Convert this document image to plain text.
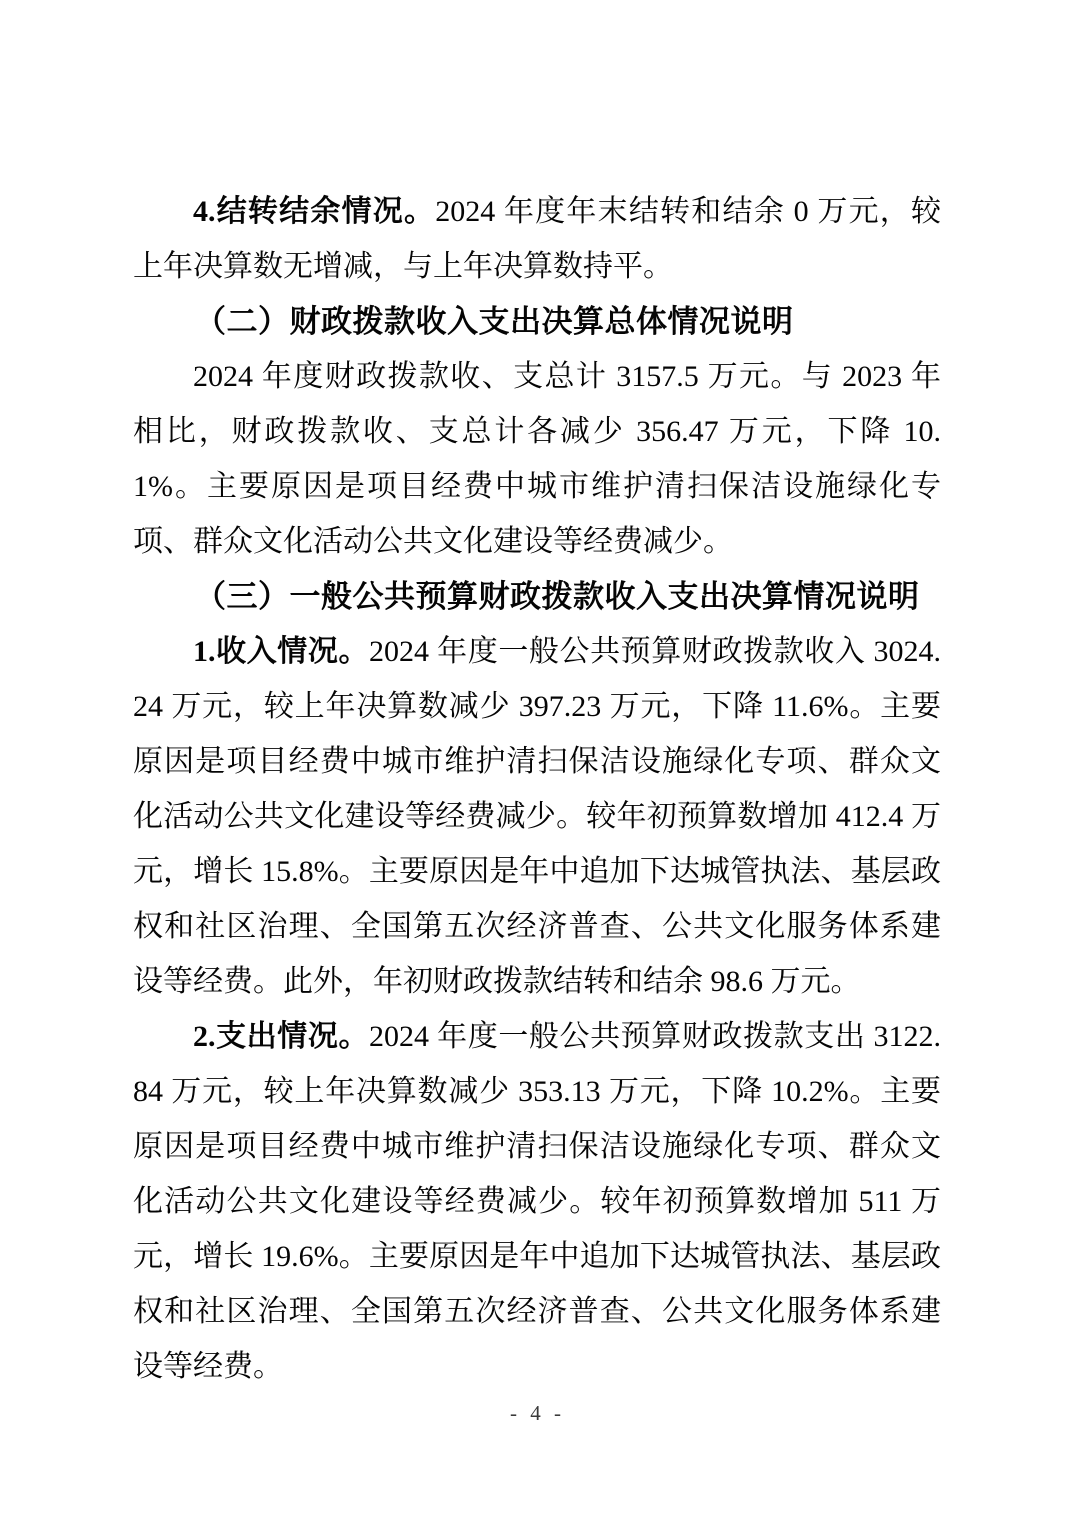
4.结转结余情况。2024 年度年末结转和结余 0 万元，较上年决算数无增减，与上年决算数持平。

（二）财政拨款收入支出决算总体情况说明

2024 年度财政拨款收、支总计 3157.5 万元。与 2023 年相比，财政拨款收、支总计各减少 356.47 万元，下降 10.1%。主要原因是项目经费中城市维护清扫保洁设施绿化专项、群众文化活动公共文化建设等经费减少。

（三）一般公共预算财政拨款收入支出决算情况说明

1.收入情况。2024 年度一般公共预算财政拨款收入 3024.24 万元，较上年决算数减少 397.23 万元，下降 11.6%。主要原因是项目经费中城市维护清扫保洁设施绿化专项、群众文化活动公共文化建设等经费减少。较年初预算数增加 412.4 万元，增长 15.8%。主要原因是年中追加下达城管执法、基层政权和社区治理、全国第五次经济普查、公共文化服务体系建设等经费。此外，年初财政拨款结转和结余 98.6 万元。

2.支出情况。2024 年度一般公共预算财政拨款支出 3122.84 万元，较上年决算数减少 353.13 万元，下降 10.2%。主要原因是项目经费中城市维护清扫保洁设施绿化专项、群众文化活动公共文化建设等经费减少。较年初预算数增加 511 万元，增长 19.6%。主要原因是年中追加下达城管执法、基层政权和社区治理、全国第五次经济普查、公共文化服务体系建设等经费。

- 4 -
